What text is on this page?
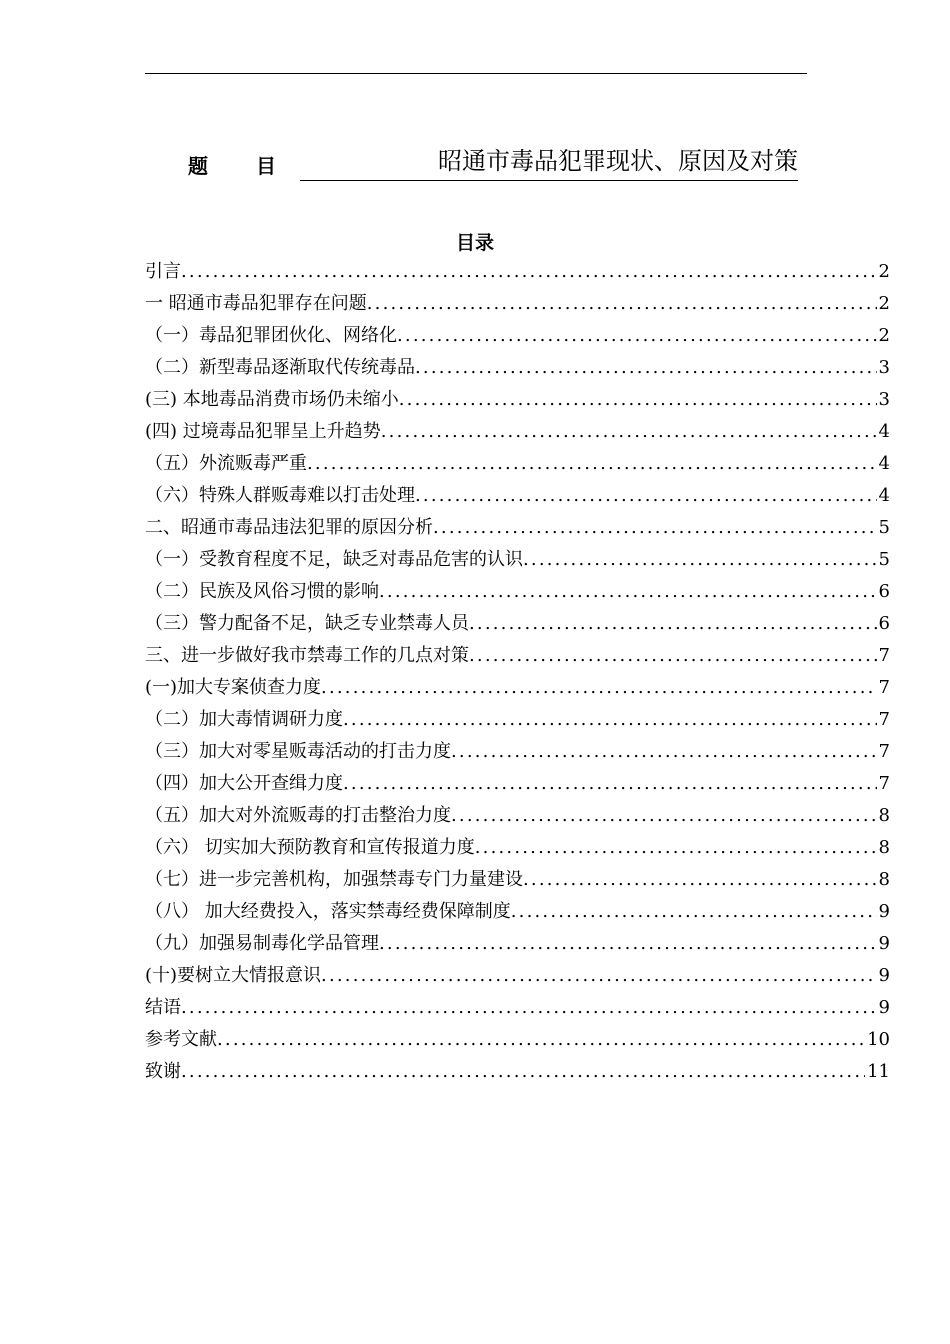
题 目	昭通市毒品犯罪现状、原因及对策
目录
引言 .....	2
一 昭通市毒品犯罪存在问题 .....	2
（一）毒品犯罪团伙化、网络化 .....	2
（二）新型毒品逐渐取代传统毒品 .....	3
(三) 本地毒品消费市场仍未缩小 .....	3
(四) 过境毒品犯罪呈上升趋势 .....	4
（五）外流贩毒严重 .....	4
（六）特殊人群贩毒难以打击处理 .....	4
二、昭通市毒品违法犯罪的原因分析 .....	5
（一）受教育程度不足，缺乏对毒品危害的认识 .....	5
（二）民族及风俗习惯的影响 .....	6
（三）警力配备不足，缺乏专业禁毒人员 .....	6
三、进一步做好我市禁毒工作的几点对策 .....	7
(一)加大专案侦查力度 .....	7
（二）加大毒情调研力度 .....	7
（三）加大对零星贩毒活动的打击力度 .....	7
（四）加大公开查缉力度 .....	7
（五）加大对外流贩毒的打击整治力度 .....	8
（六） 切实加大预防教育和宣传报道力度 .....	8
（七）进一步完善机构，加强禁毒专门力量建设 .....	8
（八） 加大经费投入，落实禁毒经费保障制度 .....	9
（九）加强易制毒化学品管理 .....	9
(十)要树立大情报意识 .....	9
结语 .....	9
参考文献 .....	10
致谢 .....	11
